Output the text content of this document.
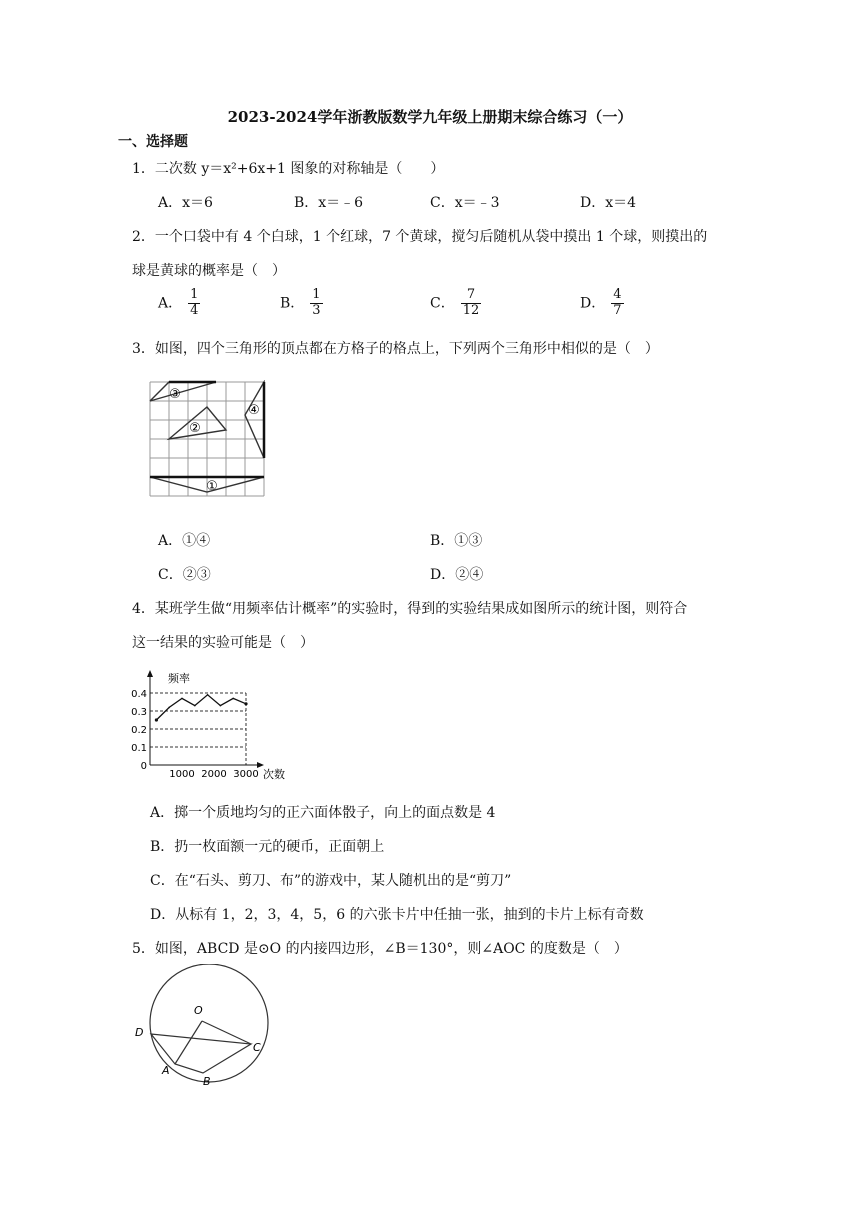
2023-2024学年浙教版数学九年级上册期末综合练习（一）
一、选择题
1．二次数 y＝x²+6x+1 图象的对称轴是（　　）
A．x＝6	B．x＝﹣6	C．x＝﹣3	D．x＝4
2．一个口袋中有 4 个白球，1 个红球，7 个黄球，搅匀后随机从袋中摸出 1 个球，则摸出的
球是黄球的概率是（　）
A． $\frac{1}{4}$	B． $\frac{1}{3}$	C． $\frac{7}{12}$	D． $\frac{4}{7}$
3．如图，四个三角形的顶点都在方格子的格点上，下列两个三角形中相似的是（　）
①
②
③
④
A．①④	B．①③
C．②③	D．②④
4．某班学生做“用频率估计概率”的实验时，得到的实验结果成如图所示的统计图，则符合
这一结果的实验可能是（　）
频率
次数
0
0.1
0.2
0.3
0.4
1000 2000 3000
A．掷一个质地均匀的正六面体骰子，向上的面点数是 4
B．扔一枚面额一元的硬币，正面朝上
C．在“石头、剪刀、布”的游戏中，某人随机出的是“剪刀”
D．从标有 1，2，3，4，5，6 的六张卡片中任抽一张，抽到的卡片上标有奇数
5．如图，ABCD 是⊙O 的内接四边形，∠B＝130°，则∠AOC 的度数是（　）
O
D
C
A
B
